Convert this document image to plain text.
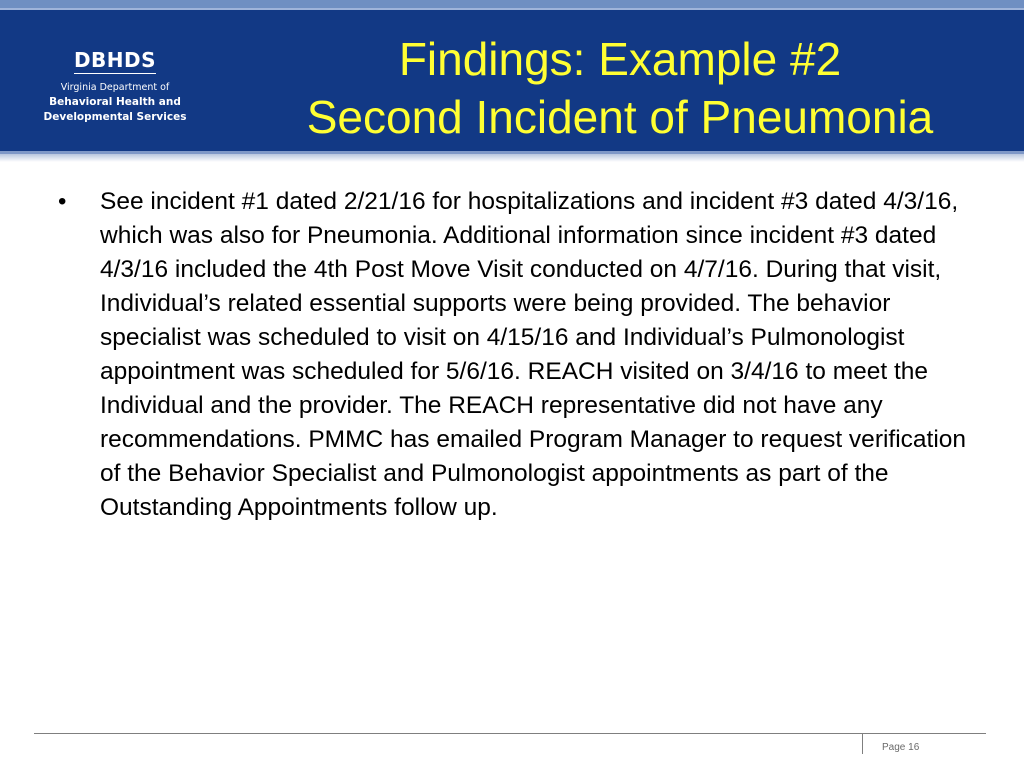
DBHDS
Virginia Department of
Behavioral Health and
Developmental Services
Findings: Example #2
Second Incident of Pneumonia
• See incident #1 dated 2/21/16 for hospitalizations and incident #3 dated 4/3/16, which was also for Pneumonia. Additional information since incident #3 dated 4/3/16 included the 4th Post Move Visit conducted on 4/7/16. During that visit, Individual’s related essential supports were being provided. The behavior specialist was scheduled to visit on 4/15/16 and Individual’s Pulmonologist appointment was scheduled for 5/6/16. REACH visited on 3/4/16 to meet the Individual and the provider. The REACH representative did not have any recommendations. PMMC has emailed Program Manager to request verification of the Behavior Specialist and Pulmonologist appointments as part of the Outstanding Appointments follow up.

Page 16
